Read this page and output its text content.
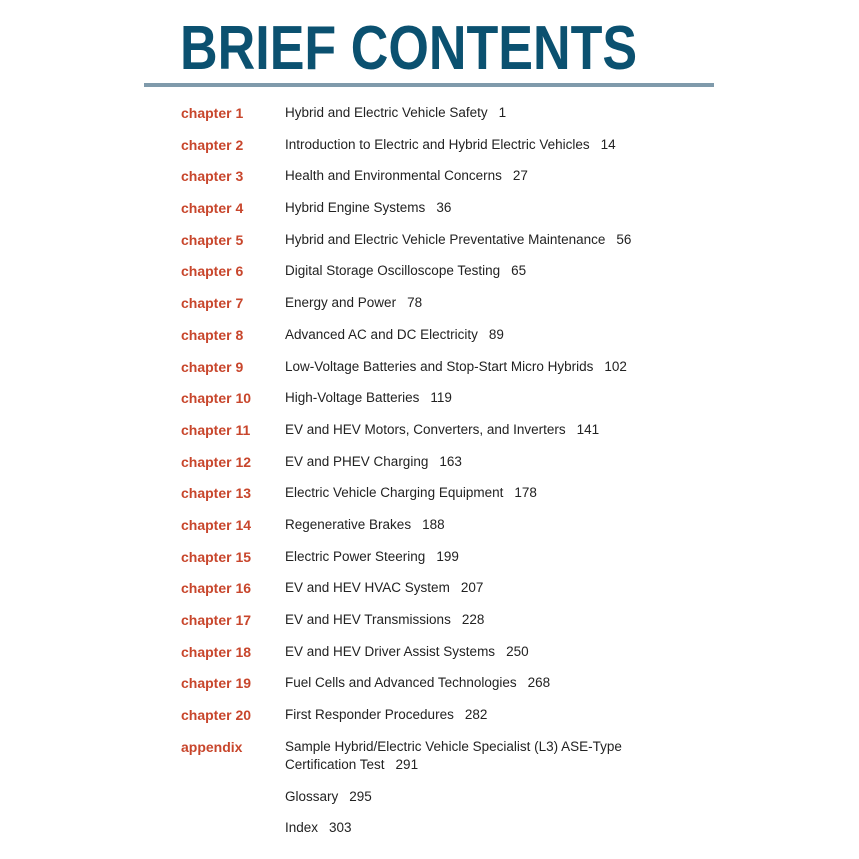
BRIEF CONTENTS
chapter 1	Hybrid and Electric Vehicle Safety 1
chapter 2	Introduction to Electric and Hybrid Electric Vehicles 14
chapter 3	Health and Environmental Concerns 27
chapter 4	Hybrid Engine Systems 36
chapter 5	Hybrid and Electric Vehicle Preventative Maintenance 56
chapter 6	Digital Storage Oscilloscope Testing 65
chapter 7	Energy and Power 78
chapter 8	Advanced AC and DC Electricity 89
chapter 9	Low-Voltage Batteries and Stop-Start Micro Hybrids 102
chapter 10	High-Voltage Batteries 119
chapter 11	EV and HEV Motors, Converters, and Inverters 141
chapter 12	EV and PHEV Charging 163
chapter 13	Electric Vehicle Charging Equipment 178
chapter 14	Regenerative Brakes 188
chapter 15	Electric Power Steering 199
chapter 16	EV and HEV HVAC System 207
chapter 17	EV and HEV Transmissions 228
chapter 18	EV and HEV Driver Assist Systems 250
chapter 19	Fuel Cells and Advanced Technologies 268
chapter 20	First Responder Procedures 282
appendix	Sample Hybrid/Electric Vehicle Specialist (L3) ASE-Type Certification Test 291
Glossary 295
Index 303
